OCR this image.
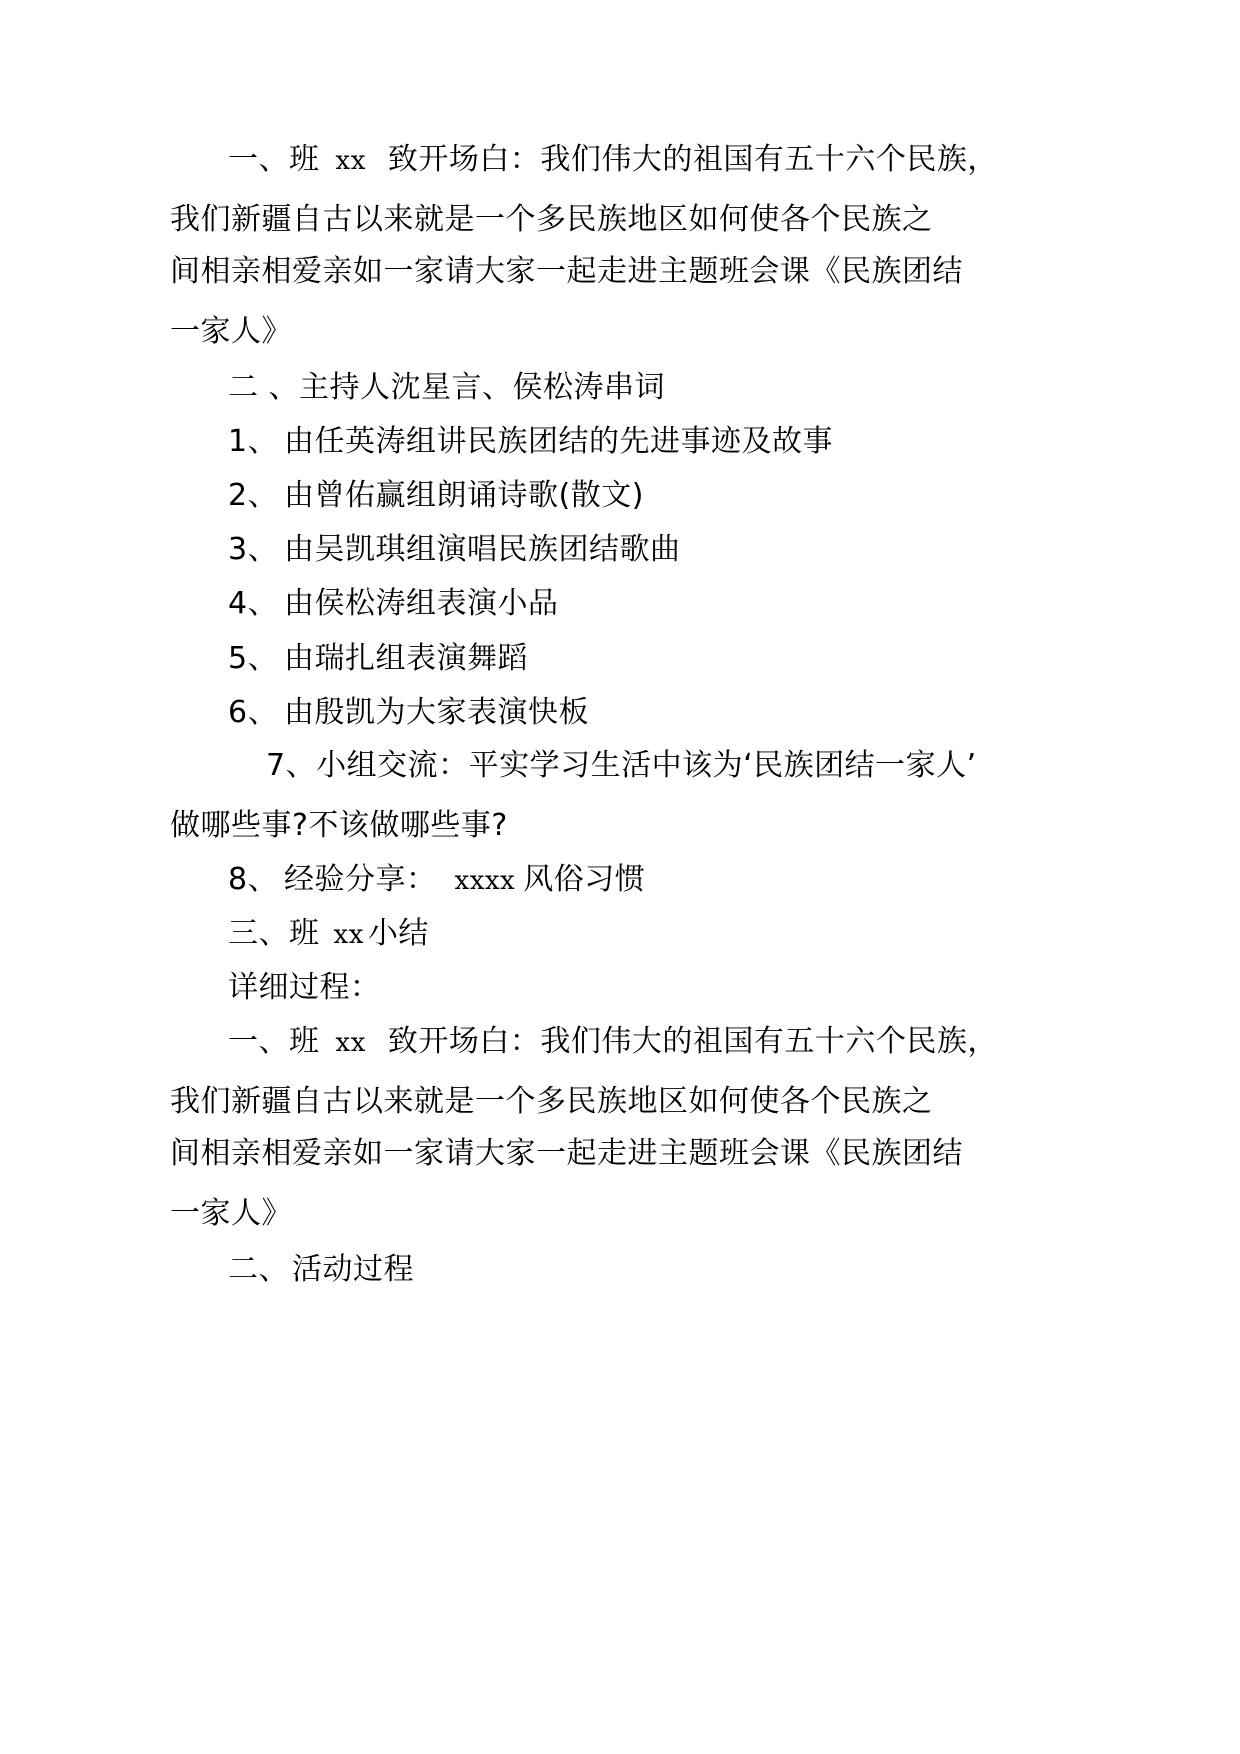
一、班 xx 致开场白：我们伟大的祖国有五十六个民族，
我们新疆自古以来就是一个多民族地区如何使各个民族之
间相亲相爱亲如一家请大家一起走进主题班会课《民族团结
一家人》
二 、主持人沈星言、侯松涛串词
1、 由任英涛组讲民族团结的先进事迹及故事
2、 由曾佑赢组朗诵诗歌(散文)
3、 由吴凯琪组演唱民族团结歌曲
4、 由侯松涛组表演小品
5、 由瑞扎组表演舞蹈
6、 由殷凯为大家表演快板
7、小组交流：平实学习生活中该为‘民族团结一家人’
做哪些事?不该做哪些事?
8、 经验分享： xxxx 风俗习惯
三、班 xx 小结
详细过程：
一、班 xx 致开场白：我们伟大的祖国有五十六个民族，
我们新疆自古以来就是一个多民族地区如何使各个民族之
间相亲相爱亲如一家请大家一起走进主题班会课《民族团结
一家人》
二、 活动过程
